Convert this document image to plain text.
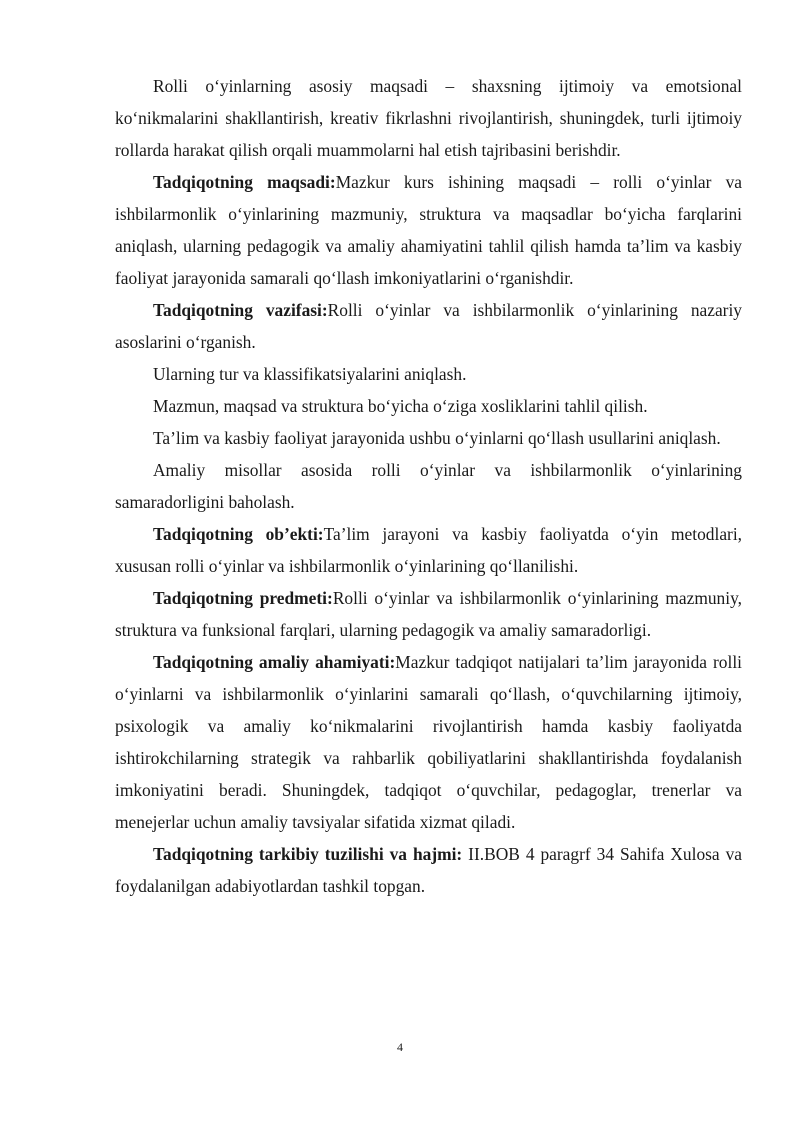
Rolli o‘yinlarning asosiy maqsadi – shaxsning ijtimoiy va emotsional ko‘nikmalarini shakllantirish, kreativ fikrlashni rivojlantirish, shuningdek, turli ijtimoiy rollarda harakat qilish orqali muammolarni hal etish tajribasini berishdir.

Tadqiqotning maqsadi:Mazkur kurs ishining maqsadi – rolli o‘yinlar va ishbilarmonlik o‘yinlarining mazmuniy, struktura va maqsadlar bo‘yicha farqlarini aniqlash, ularning pedagogik va amaliy ahamiyatini tahlil qilish hamda ta’lim va kasbiy faoliyat jarayonida samarali qo‘llash imkoniyatlarini o‘rganishdir.

Tadqiqotning vazifasi:Rolli o‘yinlar va ishbilarmonlik o‘yinlarining nazariy asoslarini o‘rganish.

Ularning tur va klassifikatsiyalarini aniqlash.

Mazmun, maqsad va struktura bo‘yicha o‘ziga xosliklarini tahlil qilish.

Ta’lim va kasbiy faoliyat jarayonida ushbu o‘yinlarni qo‘llash usullarini aniqlash.

Amaliy misollar asosida rolli o‘yinlar va ishbilarmonlik o‘yinlarining samaradorligini baholash.

Tadqiqotning ob’ekti:Ta’lim jarayoni va kasbiy faoliyatda o‘yin metodlari, xususan rolli o‘yinlar va ishbilarmonlik o‘yinlarining qo‘llanilishi.

Tadqiqotning predmeti:Rolli o‘yinlar va ishbilarmonlik o‘yinlarining mazmuniy, struktura va funksional farqlari, ularning pedagogik va amaliy samaradorligi.

Tadqiqotning amaliy ahamiyati:Mazkur tadqiqot natijalari ta’lim jarayonida rolli o‘yinlarni va ishbilarmonlik o‘yinlarini samarali qo‘llash, o‘quvchilarning ijtimoiy, psixologik va amaliy ko‘nikmalarini rivojlantirish hamda kasbiy faoliyatda ishtirokchilarning strategik va rahbarlik qobiliyatlarini shakllantirishda foydalanish imkoniyatini beradi. Shuningdek, tadqiqot o‘quvchilar, pedagoglar, trenerlar va menejerlar uchun amaliy tavsiyalar sifatida xizmat qiladi.

Tadqiqotning tarkibiy tuzilishi va hajmi: II.BOB 4 paragrf 34 Sahifa Xulosa va foydalanilgan adabiyotlardan tashkil topgan.

4
